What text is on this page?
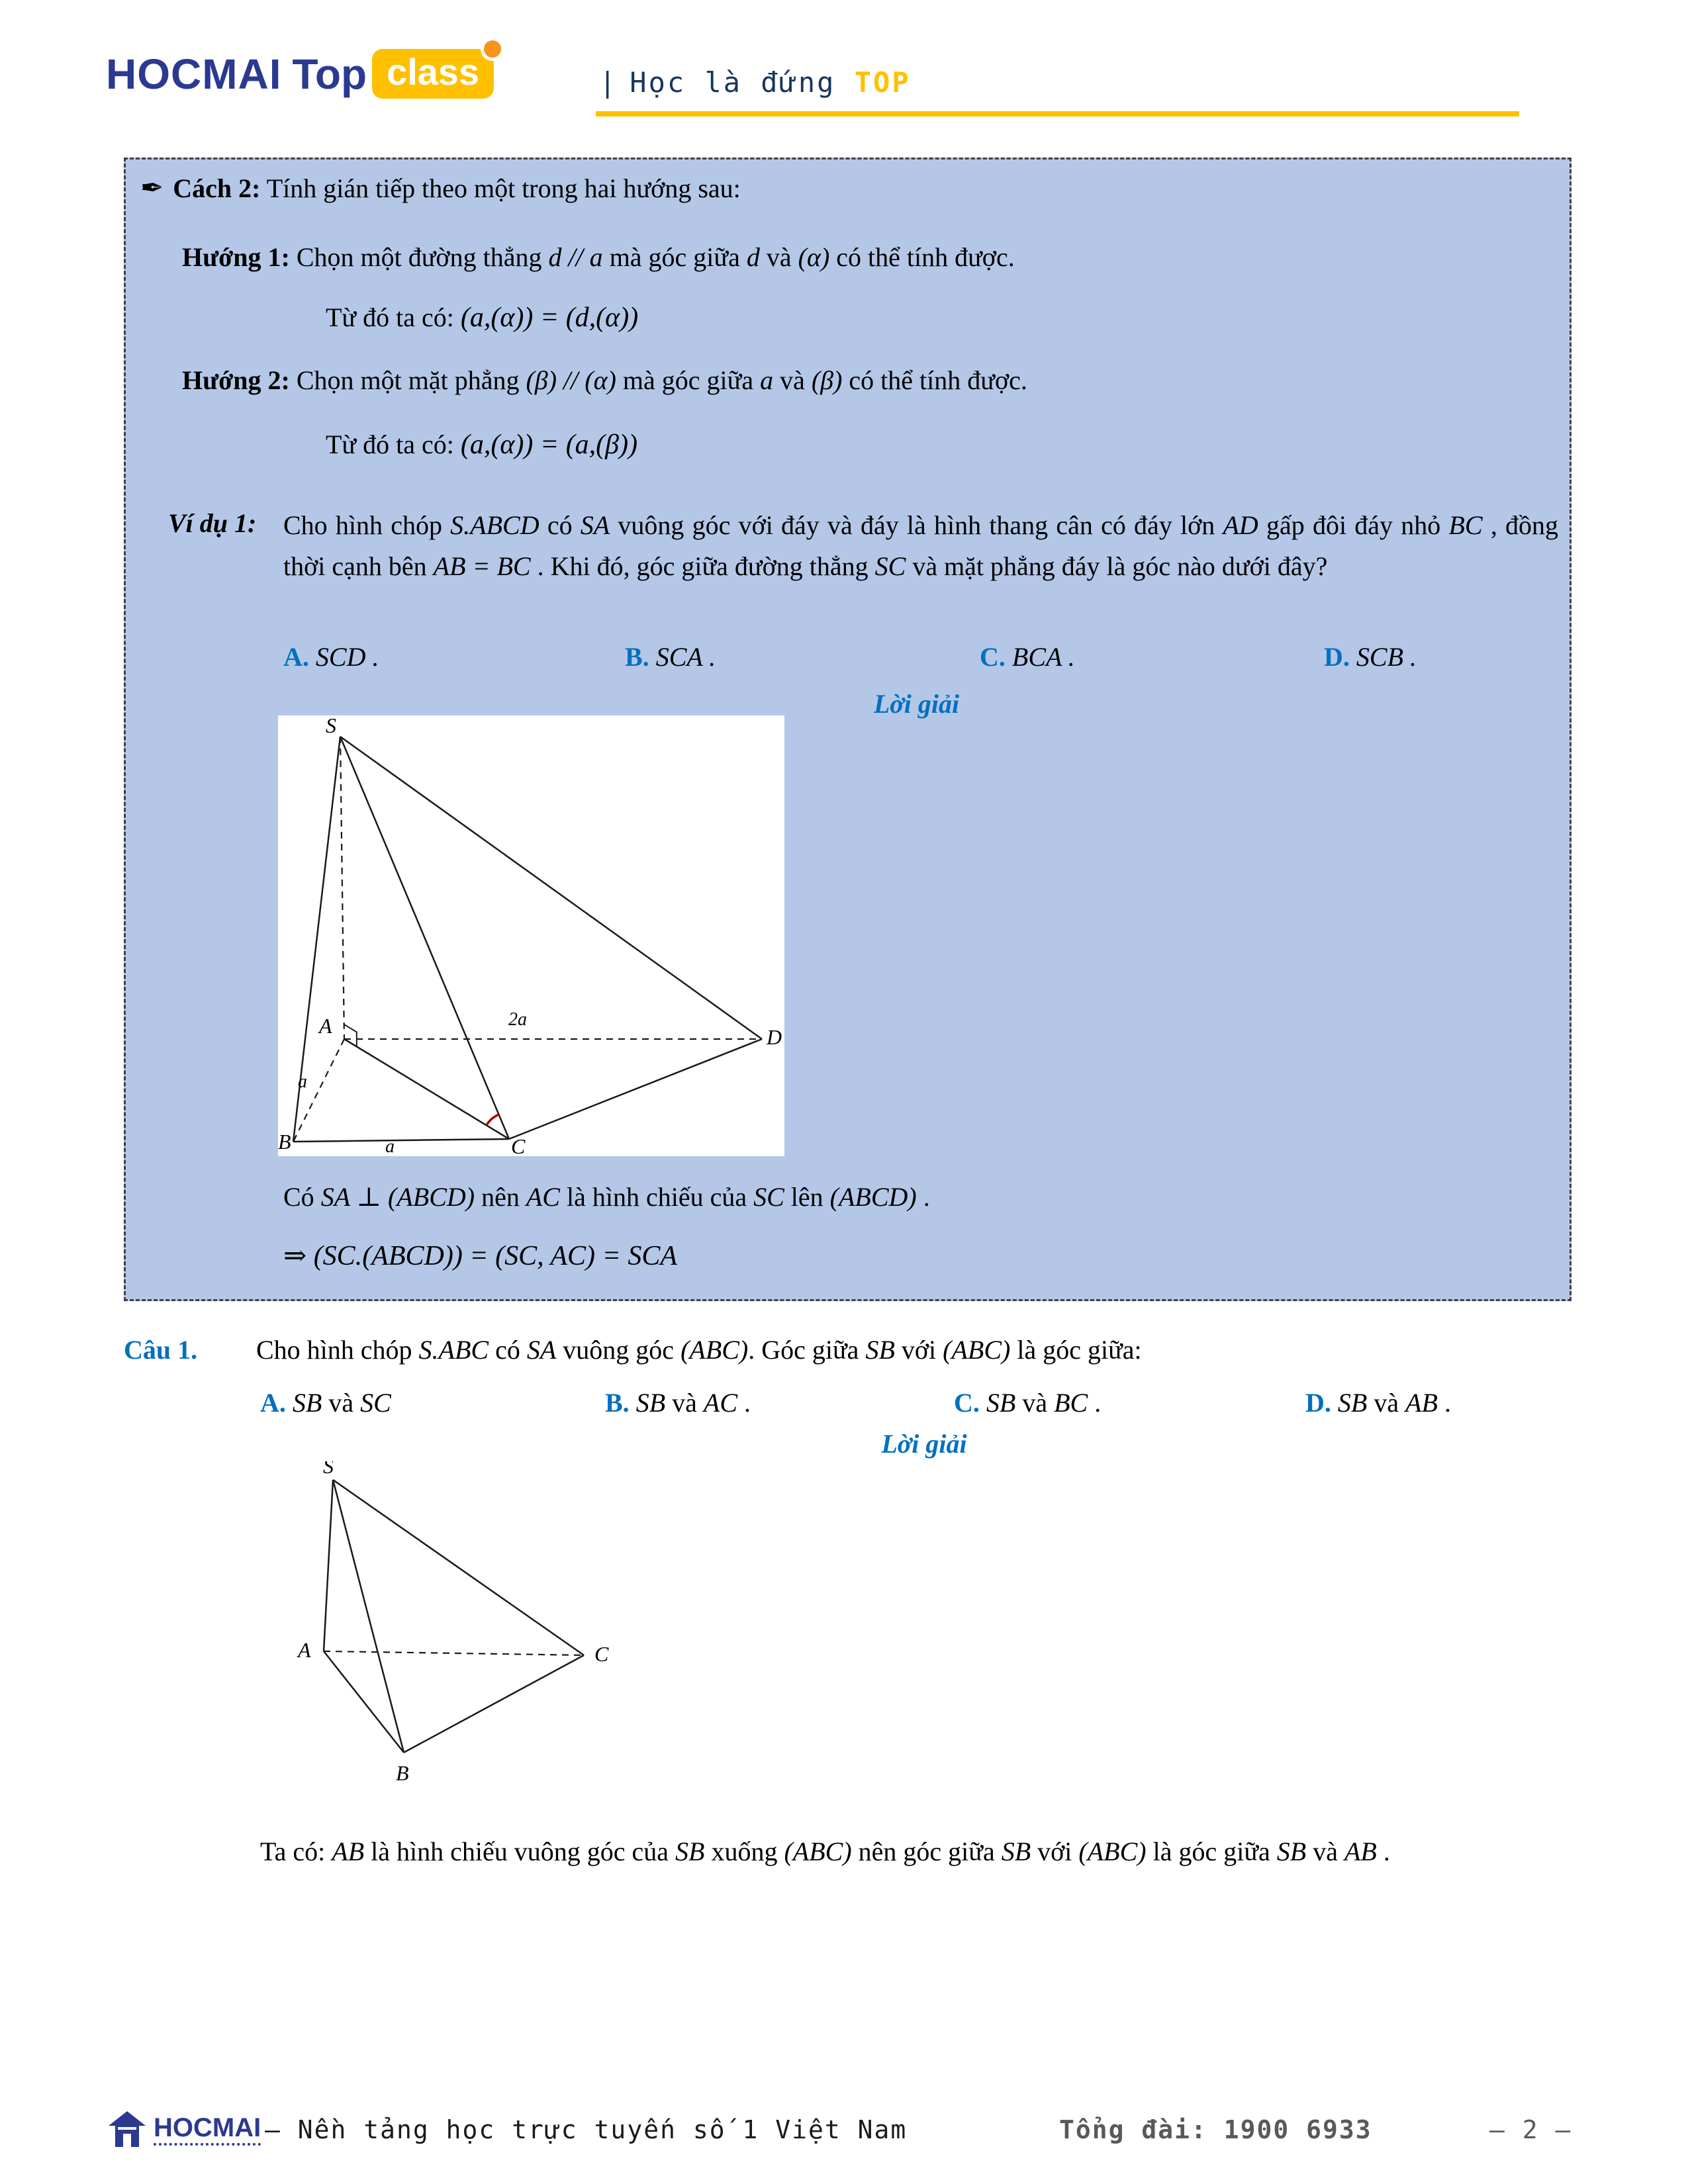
HOCMAI Top class	| Học là đứng TOP
✒ Cách 2: Tính gián tiếp theo một trong hai hướng sau:
Hướng 1: Chọn một đường thẳng d // a mà góc giữa d và (α) có thể tính được.
Từ đó ta có: (a,(α)) = (d,(α))
Hướng 2: Chọn một mặt phẳng (β) // (α) mà góc giữa a và (β) có thể tính được.
Từ đó ta có: (a,(α)) = (a,(β))
Ví dụ 1:	Cho hình chóp S.ABCD có SA vuông góc với đáy và đáy là hình thang cân có đáy lớn AD gấp đôi đáy nhỏ BC , đồng thời cạnh bên AB = BC . Khi đó, góc giữa đường thẳng SC và mặt phẳng đáy là góc nào dưới đây?
A. SCD .	B. SCA .	C. BCA .	D. SCB .
Lời giải
S
A
B	C
D
2a
a
a
Có SA ⊥ (ABCD) nên AC là hình chiếu của SC lên (ABCD) .
⇒ (SC.(ABCD)) = (SC, AC) = SCA
Câu 1. Cho hình chóp S.ABC có SA vuông góc (ABC). Góc giữa SB với (ABC) là góc giữa:
A. SB và SC	B. SB và AC .	C. SB và BC .	D. SB và AB .
Lời giải
S
A	C
B
Ta có: AB là hình chiếu vuông góc của SB xuống (ABC) nên góc giữa SB với (ABC) là góc giữa SB và AB .
HOCMAI – Nền tảng học trực tuyến số 1 Việt Nam	Tổng đài: 1900 6933	– 2 –
